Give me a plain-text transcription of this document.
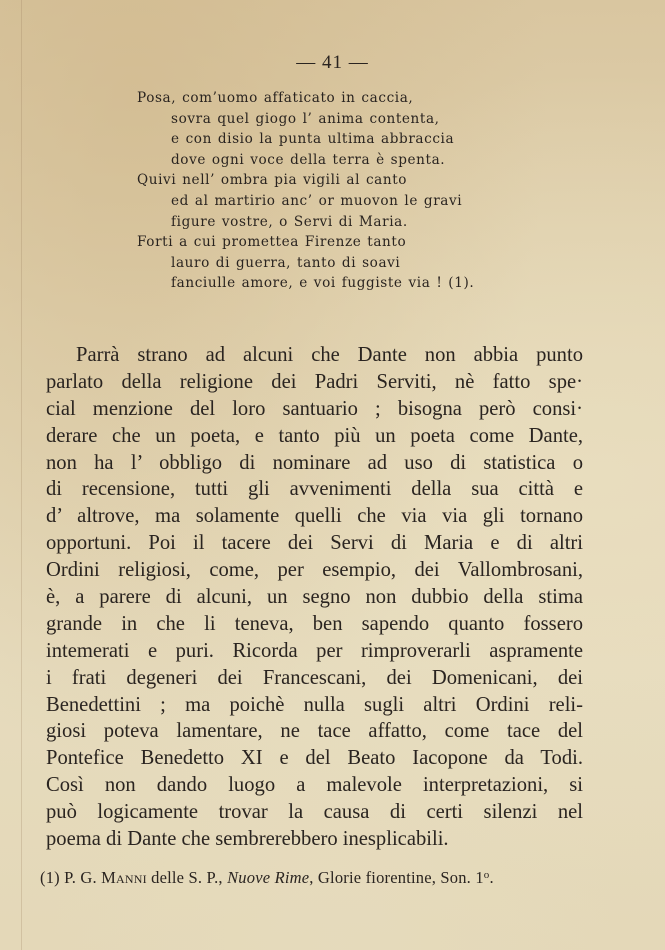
— 41 —
Posa, com’uomo affaticato in caccia,
sovra quel giogo l’ anima contenta,
e con disio la punta ultima abbraccia
dove ogni voce della terra è spenta.
Quivi nell’ ombra pia vigili al canto
ed al martirio anc’ or muovon le gravi
figure vostre, o Servi di Maria.
Forti a cui promettea Firenze tanto
lauro di guerra, tanto di soavi
fanciulle amore, e voi fuggiste via ! (1).
Parrà strano ad alcuni che Dante non abbia punto
parlato della religione dei Padri Serviti, nè fatto spe·
cial menzione del loro santuario ; bisogna però consi·
derare che un poeta, e tanto più un poeta come Dante,
non ha l’ obbligo di nominare ad uso di statistica o
di recensione, tutti gli avvenimenti della sua città e
d’ altrove, ma solamente quelli che via via gli tornano
opportuni. Poi il tacere dei Servi di Maria e di altri
Ordini religiosi, come, per esempio, dei Vallombrosani,
è, a parere di alcuni, un segno non dubbio della stima
grande in che li teneva, ben sapendo quanto fossero
intemerati e puri. Ricorda per rimproverarli aspramente
i frati degeneri dei Francescani, dei Domenicani, dei
Benedettini ; ma poichè nulla sugli altri Ordini reli-
giosi poteva lamentare, ne tace affatto, come tace del
Pontefice Benedetto XI e del Beato Iacopone da Todi.
Così non dando luogo a malevole interpretazioni, si
può logicamente trovar la causa di certi silenzi nel
poema di Dante che sembrerebbero inesplicabili.
(1) P. G. Manni delle S. P., Nuove Rime, Glorie fiorentine, Son. 1$^o$.
